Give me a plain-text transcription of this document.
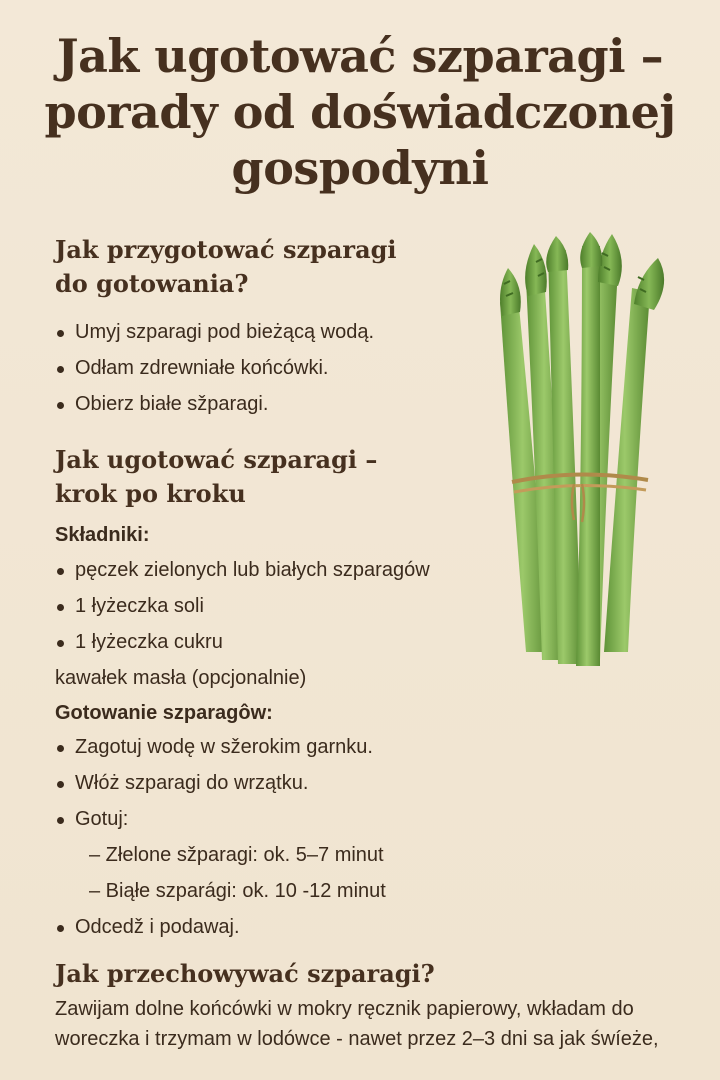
Jak ugotować szparagi –
porady od doświadczonej
gospodyni
Jak przygotować szparagi
do gotowania?
Umyj szparagi pod bieżącą wodą.
Odłam zdrewniałe końcówki.
Obierz białe sžparagi.
Jak ugotować szparagi –
krok po kroku

Składniki:

pęczek zielonych lub białych szparagów
1 łyżeczka soli
1 łyżeczka cukru
kawałek masła (opcjonalnie)

Gotowanie szparagôw:

Zagotuj wodę w sžerokim garnku.
Włóż szparagi do wrzątku.
Gotuj:
– Złelone sžparagi: ok. 5–7 minut
– Biąłe szparági: ok. 10 -12 minut
Odcedž i podawaj.
Jak przechowywać szparagi?

Zawijam dolne końcówki w mokry ręcznik papierowy, wkładam do woreczka i trzymam w lodówce - nawet przez 2–3 dni sa jak śwíeże,
